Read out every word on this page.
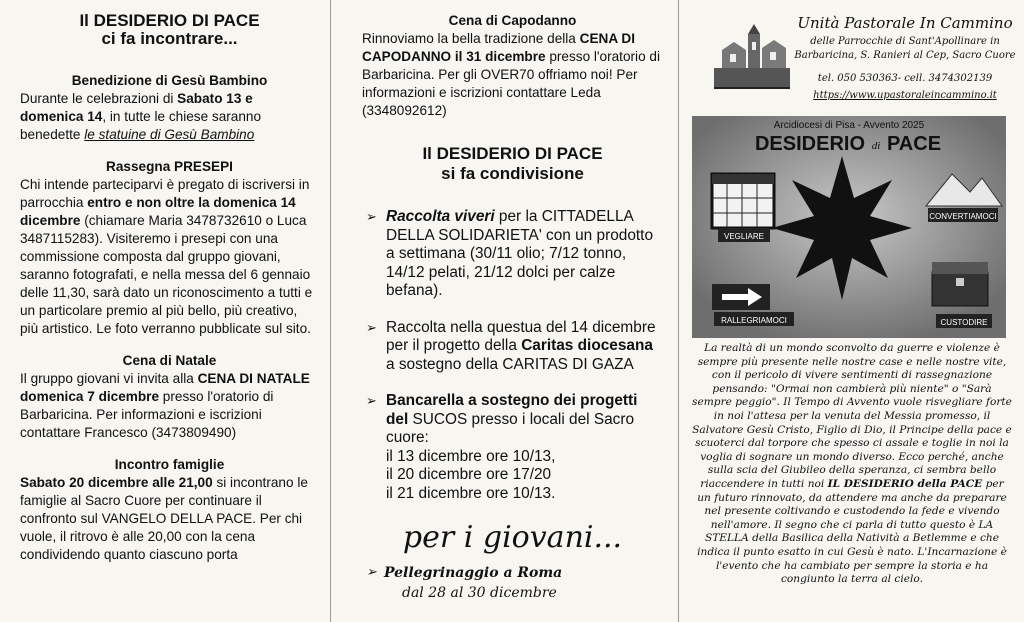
Il DESIDERIO DI PACE
ci fa incontrare...
Benedizione di Gesù Bambino

Durante le celebrazioni di Sabato 13 e domenica 14, in tutte le chiese saranno benedette le statuine di Gesù Bambino

Rassegna PRESEPI

Chi intende parteciparvi è pregato di iscriversi in parrocchia entro e non oltre la domenica 14 dicembre (chiamare Maria 3478732610 o Luca 3487115283). Visiteremo i presepi con una commissione composta dal gruppo giovani, saranno fotografati, e nella messa del 6 gennaio delle 11,30, sarà dato un riconoscimento a tutti e un particolare premio al più bello, più creativo, più artistico. Le foto verranno pubblicate sul sito.

Cena di Natale

Il gruppo giovani vi invita alla CENA DI NATALE domenica 7 dicembre presso l'oratorio di Barbaricina. Per informazioni e iscrizioni contattare Francesco (3473809490)

Incontro famiglie

Sabato 20 dicembre alle 21,00 si incontrano le famiglie al Sacro Cuore per continuare il confronto sul VANGELO DELLA PACE. Per chi vuole, il ritrovo è alle 20,00 con la cena condividendo quanto ciascuno porta

Cena di Capodanno

Rinnoviamo la bella tradizione della CENA DI CAPODANNO il 31 dicembre presso l'oratorio di Barbaricina. Per gli OVER70 offriamo noi! Per informazioni e iscrizioni contattare Leda (3348092612)

Il DESIDERIO DI PACE
si fa condivisione
➢ Raccolta viveri per la CITTADELLA DELLA SOLIDARIETA' con un prodotto a settimana (30/11 olio; 7/12 tonno, 14/12 pelati, 21/12 dolci per calze befana).
➢ Raccolta nella questua del 14 dicembre per il progetto della Caritas diocesana a sostegno della CARITAS DI GAZA
➢ Bancarella a sostegno dei progetti del SUCOS presso i locali del Sacro cuore:
il 13 dicembre ore 10/13,
il 20 dicembre ore 17/20
il 21 dicembre ore 10/13.
per i giovani...
➢ Pellegrinaggio a Roma
dal 28 al 30 dicembre
Unità Pastorale In Cammino
delle Parrocchie di Sant'Apollinare in
Barbaricina, S. Ranieri al Cep, Sacro Cuore
tel. 050 530363- cell. 3474302139
https://www.upastoraleincammino.it
Arcidiocesi di Pisa - Avvento 2025
DESIDERIO di PACE
VEGLIARE
CONVERTIAMOCI
RALLEGRIAMOCI	CUSTODIRE
La realtà di un mondo sconvolto da guerre e violenze è sempre più presente nelle nostre case e nelle nostre vite, con il pericolo di vivere sentimenti di rassegnazione pensando: "Ormai non cambierà più niente" o "Sarà sempre peggio". Il Tempo di Avvento vuole risvegliare forte in noi l'attesa per la venuta del Messia promesso, il Salvatore Gesù Cristo, Figlio di Dio, il Principe della pace e scuoterci dal torpore che spesso ci assale e toglie in noi la voglia di sognare un mondo diverso. Ecco perché, anche sulla scia del Giubileo della speranza, ci sembra bello riaccendere in tutti noi IL DESIDERIO della PACE per un futuro rinnovato, da attendere ma anche da preparare nel presente coltivando e custodendo la fede e vivendo nell'amore. Il segno che ci parla di tutto questo è LA STELLA della Basilica della Natività a Betlemme e che indica il punto esatto in cui Gesù è nato. L'Incarnazione è l'evento che ha cambiato per sempre la storia e ha congiunto la terra al cielo.
